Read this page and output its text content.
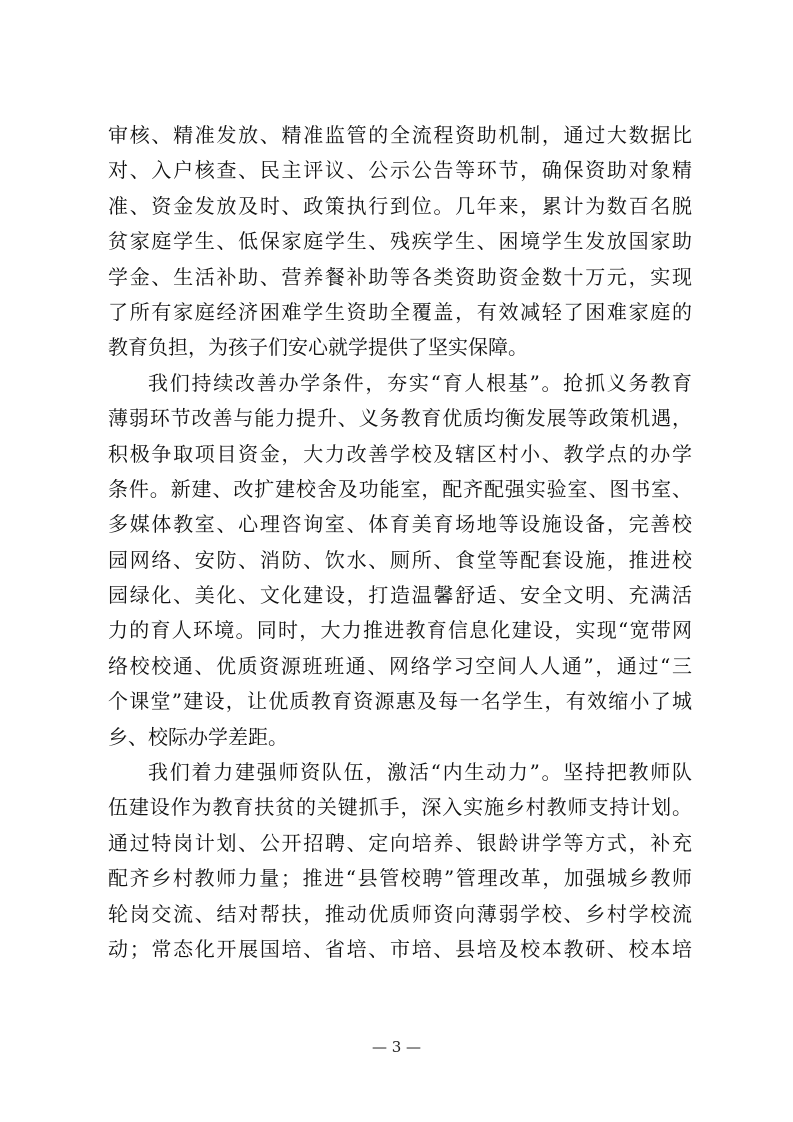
审核、精准发放、精准监管的全流程资助机制，通过大数据比
对、入户核查、民主评议、公示公告等环节，确保资助对象精
准、资金发放及时、政策执行到位。几年来，累计为数百名脱
贫家庭学生、低保家庭学生、残疾学生、困境学生发放国家助
学金、生活补助、营养餐补助等各类资助资金数十万元，实现
了所有家庭经济困难学生资助全覆盖，有效减轻了困难家庭的
教育负担，为孩子们安心就学提供了坚实保障。
我们持续改善办学条件，夯实“育人根基”。抢抓义务教育
薄弱环节改善与能力提升、义务教育优质均衡发展等政策机遇，
积极争取项目资金，大力改善学校及辖区村小、教学点的办学
条件。新建、改扩建校舍及功能室，配齐配强实验室、图书室、
多媒体教室、心理咨询室、体育美育场地等设施设备，完善校
园网络、安防、消防、饮水、厕所、食堂等配套设施，推进校
园绿化、美化、文化建设，打造温馨舒适、安全文明、充满活
力的育人环境。同时，大力推进教育信息化建设，实现“宽带网
络校校通、优质资源班班通、网络学习空间人人通”，通过“三
个课堂”建设，让优质教育资源惠及每一名学生，有效缩小了城
乡、校际办学差距。
我们着力建强师资队伍，激活“内生动力”。坚持把教师队
伍建设作为教育扶贫的关键抓手，深入实施乡村教师支持计划。
通过特岗计划、公开招聘、定向培养、银龄讲学等方式，补充
配齐乡村教师力量；推进“县管校聘”管理改革，加强城乡教师
轮岗交流、结对帮扶，推动优质师资向薄弱学校、乡村学校流
动；常态化开展国培、省培、市培、县培及校本教研、校本培
— 3 —
